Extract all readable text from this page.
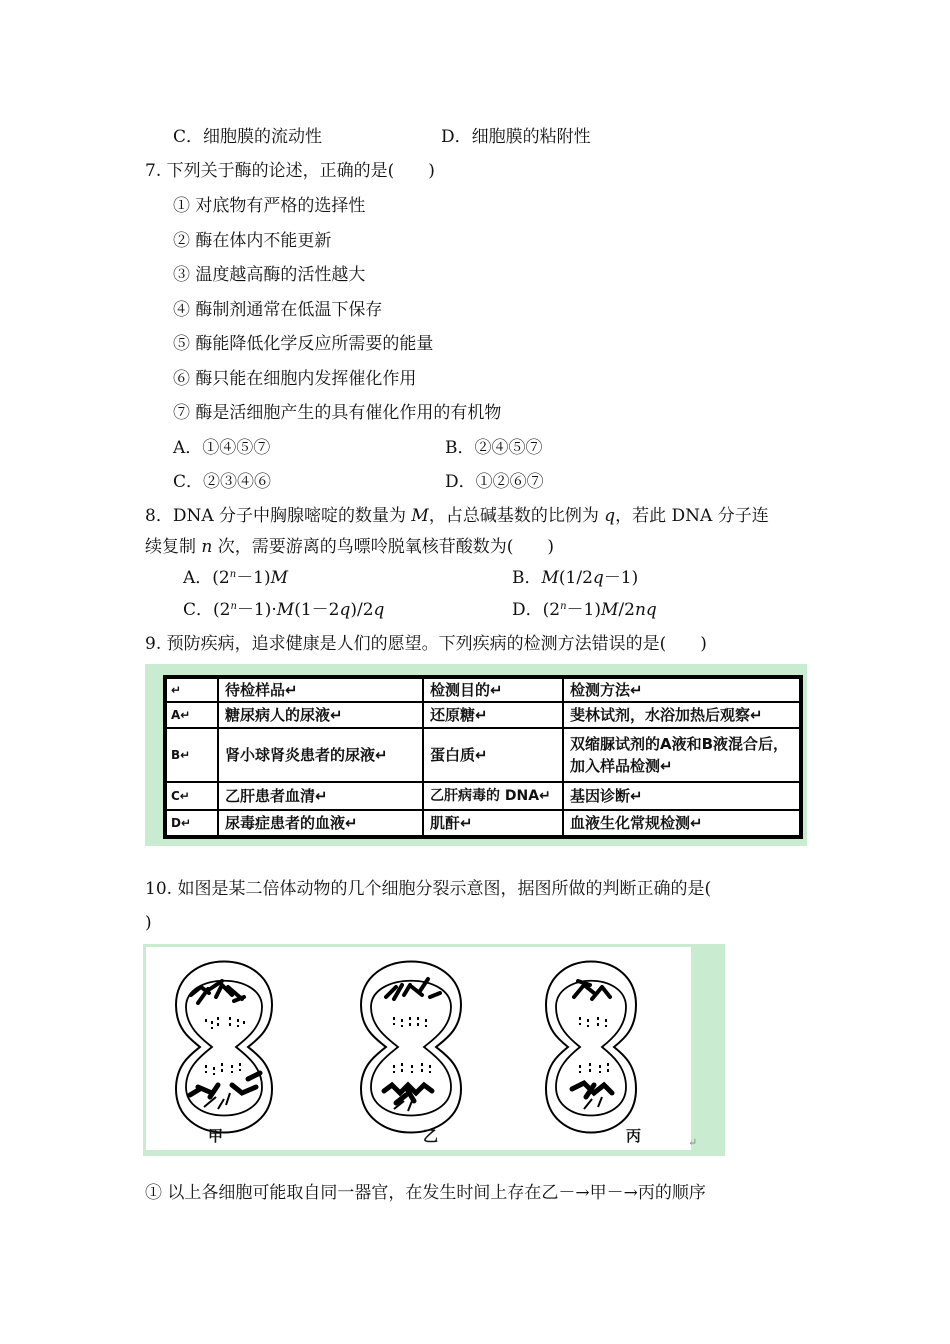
C．细胞膜的流动性	D．细胞膜的粘附性
7. 下列关于酶的论述，正确的是(　　)
① 对底物有严格的选择性
② 酶在体内不能更新
③ 温度越高酶的活性越大
④ 酶制剂通常在低温下保存
⑤ 酶能降低化学反应所需要的能量
⑥ 酶只能在细胞内发挥催化作用
⑦ 酶是活细胞产生的具有催化作用的有机物
A．①④⑤⑦	B．②④⑤⑦
C．②③④⑥	D．①②⑥⑦
8．DNA 分子中胸腺嘧啶的数量为 M，占总碱基数的比例为 q，若此 DNA 分子连
续复制 n 次，需要游离的鸟嘌呤脱氧核苷酸数为(　　)
A．$(2^n-1)M$	B．M(1/2q－1)
C．$(2^n-1)\cdot M(1-2q)/2q$	D．$(2^n-1)M/2nq$
9. 预防疾病，追求健康是人们的愿望。下列疾病的检测方法错误的是(　　)
↵	待检样品↵	检测目的↵	检测方法↵
A↵	糖尿病人的尿液↵	还原糖↵	斐林试剂，水浴加热后观察↵
B↵	肾小球肾炎患者的尿液↵	蛋白质↵	双缩脲试剂的A液和B液混合后，加入样品检测↵
C↵	乙肝患者血清↵	乙肝病毒的 DNA↵	基因诊断↵
D↵	尿毒症患者的血液↵	肌酐↵	血液生化常规检测↵
10. 如图是某二倍体动物的几个细胞分裂示意图，据图所做的判断正确的是(
)
甲	乙	丙	↵
① 以上各细胞可能取自同一器官，在发生时间上存在乙－→甲－→丙的顺序
